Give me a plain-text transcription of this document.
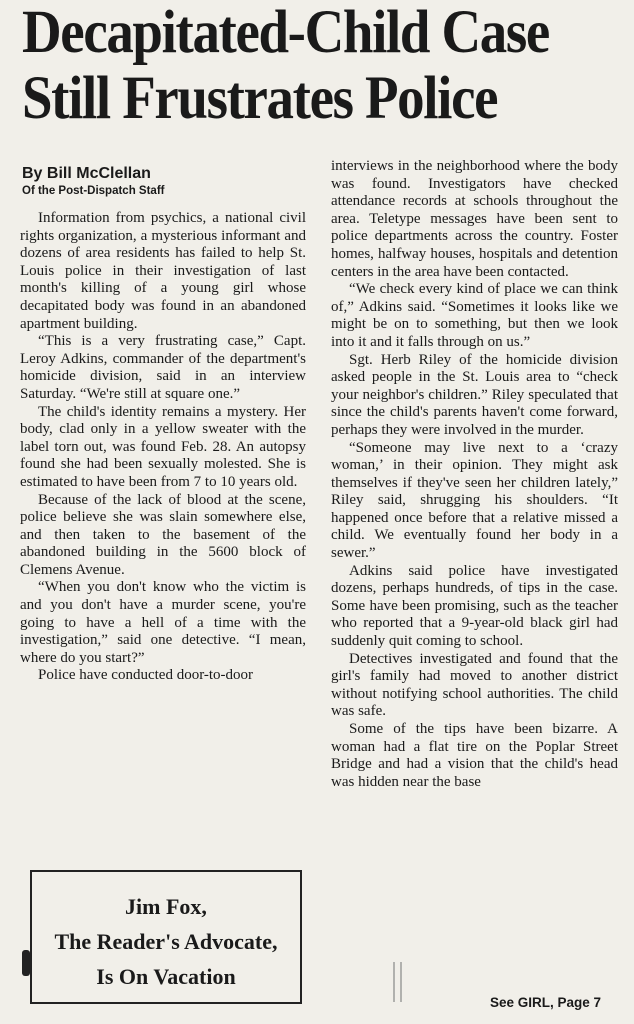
Decapitated-Child Case
Still Frustrates Police
By Bill McClellan
Of the Post-Dispatch Staff

Information from psychics, a national civil rights organization, a mysterious informant and dozens of area residents has failed to help St. Louis police in their investigation of last month's killing of a young girl whose decapitated body was found in an abandoned apartment building.

“This is a very frustrating case,” Capt. Leroy Adkins, commander of the department's homicide division, said in an interview Saturday. “We're still at square one.”

The child's identity remains a mystery. Her body, clad only in a yellow sweater with the label torn out, was found Feb. 28. An autopsy found she had been sexually molested. She is estimated to have been from 7 to 10 years old.

Because of the lack of blood at the scene, police believe she was slain somewhere else, and then taken to the basement of the abandoned building in the 5600 block of Clemens Avenue.

“When you don't know who the victim is and you don't have a murder scene, you're going to have a hell of a time with the investigation,” said one detective. “I mean, where do you start?”

Police have conducted door-to-door

interviews in the neighborhood where the body was found. Investigators have checked attendance records at schools throughout the area. Teletype messages have been sent to police departments across the country. Foster homes, halfway houses, hospitals and detention centers in the area have been contacted.

“We check every kind of place we can think of,” Adkins said. “Sometimes it looks like we might be on to something, but then we look into it and it falls through on us.”

Sgt. Herb Riley of the homicide division asked people in the St. Louis area to “check your neighbor's children.” Riley speculated that since the child's parents haven't come forward, perhaps they were involved in the murder.

“Someone may live next to a ‘crazy woman,’ in their opinion. They might ask themselves if they've seen her children lately,” Riley said, shrugging his shoulders. “It happened once before that a relative missed a child. We eventually found her body in a sewer.”

Adkins said police have investigated dozens, perhaps hundreds, of tips in the case. Some have been promising, such as the teacher who reported that a 9-year-old black girl had suddenly quit coming to school.

Detectives investigated and found that the girl's family had moved to another district without notifying school authorities. The child was safe.

Some of the tips have been bizarre. A woman had a flat tire on the Poplar Street Bridge and had a vision that the child's head was hidden near the base

Jim Fox,
The Reader's Advocate,
Is On Vacation
See GIRL, Page 7
